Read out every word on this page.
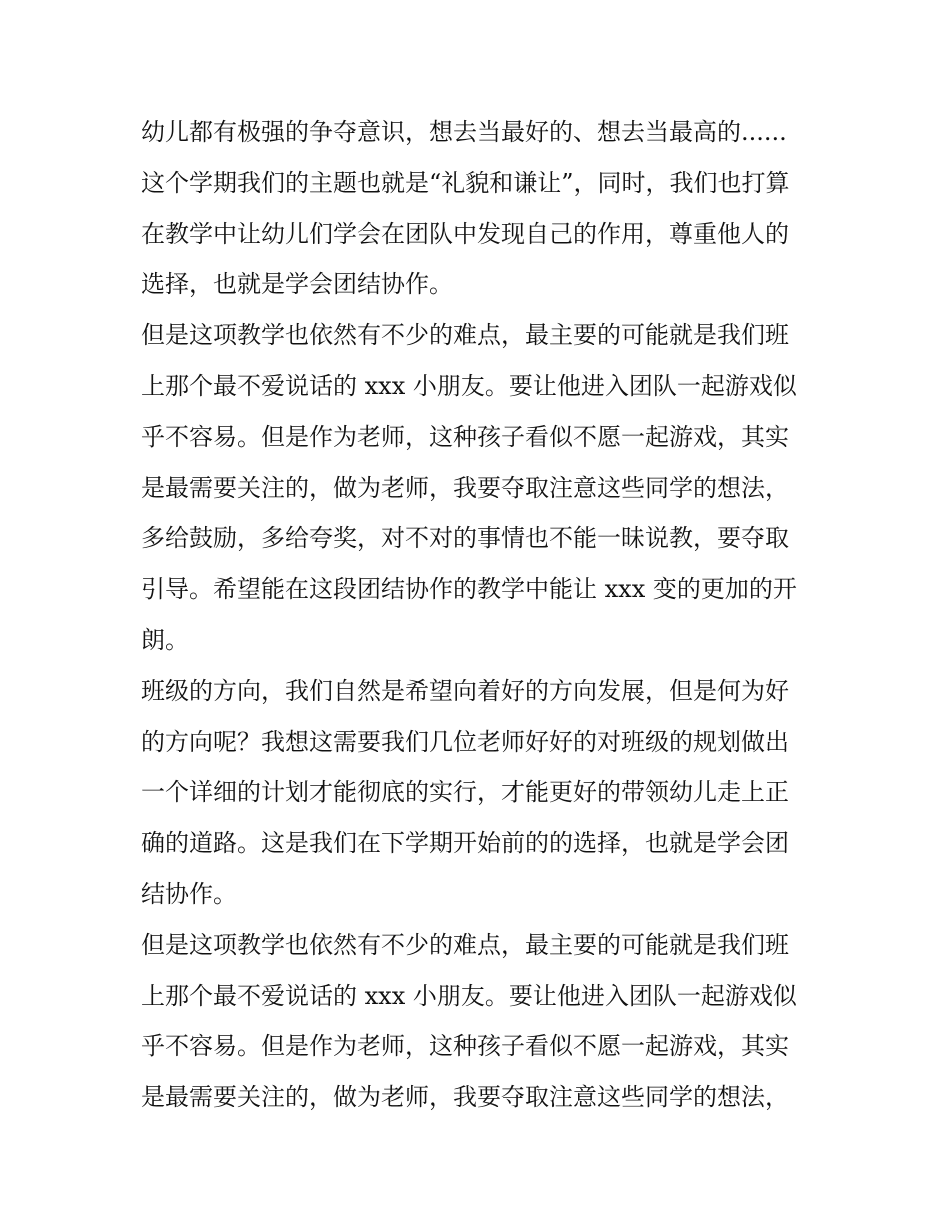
幼儿都有极强的争夺意识，想去当最好的、想去当最高的......
这个学期我们的主题也就是“礼貌和谦让”，同时，我们也打算
在教学中让幼儿们学会在团队中发现自己的作用，尊重他人的
选择，也就是学会团结协作。
但是这项教学也依然有不少的难点，最主要的可能就是我们班
上那个最不爱说话的 xxx 小朋友。要让他进入团队一起游戏似
乎不容易。但是作为老师，这种孩子看似不愿一起游戏，其实
是最需要关注的，做为老师，我要夺取注意这些同学的想法，
多给鼓励，多给夸奖，对不对的事情也不能一昧说教，要夺取
引导。希望能在这段团结协作的教学中能让 xxx 变的更加的开
朗。
班级的方向，我们自然是希望向着好的方向发展，但是何为好
的方向呢？我想这需要我们几位老师好好的对班级的规划做出
一个详细的计划才能彻底的实行，才能更好的带领幼儿走上正
确的道路。这是我们在下学期开始前的的选择，也就是学会团
结协作。
但是这项教学也依然有不少的难点，最主要的可能就是我们班
上那个最不爱说话的 xxx 小朋友。要让他进入团队一起游戏似
乎不容易。但是作为老师，这种孩子看似不愿一起游戏，其实
是最需要关注的，做为老师，我要夺取注意这些同学的想法，
